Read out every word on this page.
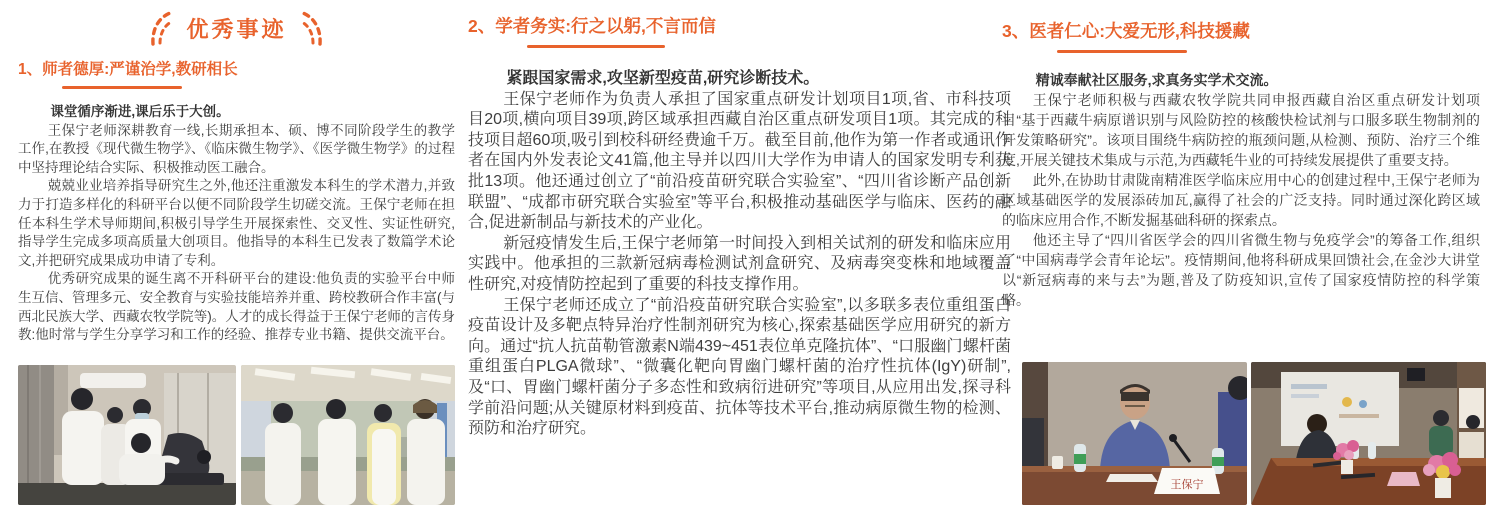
优秀事迹
1、师者德厚:严谨治学,教研相长

课堂循序渐进,课后乐于大创。

王保宁老师深耕教育一线,长期承担本、硕、博不同阶段学生的教学工作,在教授《现代微生物学》、《临床微生物学》、《医学微生物学》的过程中坚持理论结合实际、积极推动医工融合。

兢兢业业培养指导研究生之外,他还注重激发本科生的学术潜力,并致力于打造多样化的科研平台以便不同阶段学生切磋交流。王保宁老师在担任本科生学术导师期间,积极引导学生开展探索性、交叉性、实证性研究,指导学生完成多项高质量大创项目。他指导的本科生已发表了数篇学术论文,并把研究成果成功申请了专利。

优秀研究成果的诞生离不开科研平台的建设:他负责的实验平台中师生互信、管理多元、安全教育与实验技能培养并重、跨校教研合作丰富(与西北民族大学、西藏农牧学院等)。人才的成长得益于王保宁老师的言传身教:他时常与学生分享学习和工作的经验、推荐专业书籍、提供交流平台。

2、学者务实:行之以躬,不言而信

紧跟国家需求,攻坚新型疫苗,研究诊断技术。

王保宁老师作为负责人承担了国家重点研发计划项目1项,省、市科技项目20项,横向项目39项,跨区域承担西藏自治区重点研发项目1项。其完成的科技项目超60项,吸引到校科研经费逾千万。截至目前,他作为第一作者或通讯作者在国内外发表论文41篇,他主导并以四川大学作为申请人的国家发明专利获批13项。他还通过创立了“前沿疫苗研究联合实验室”、“四川省诊断产品创新联盟”、“成都市研究联合实验室”等平台,积极推动基础医学与临床、医药的融合,促进新制品与新技术的产业化。

新冠疫情发生后,王保宁老师第一时间投入到相关试剂的研发和临床应用实践中。他承担的三款新冠病毒检测试剂盒研究、及病毒突变株和地域覆盖性研究,对疫情防控起到了重要的科技支撑作用。

王保宁老师还成立了“前沿疫苗研究联合实验室”,以多联多表位重组蛋白疫苗设计及多靶点特异治疗性制剂研究为核心,探索基础医学应用研究的新方向。通过“抗人抗苗勒管激素N端439~451表位单克隆抗体”、“口服幽门螺杆菌重组蛋白PLGA微球”、“微囊化靶向胃幽门螺杆菌的治疗性抗体(IgY)研制”,及“口、胃幽门螺杆菌分子多态性和致病衍进研究”等项目,从应用出发,探寻科学前沿问题;从关键原材料到疫苗、抗体等技术平台,推动病原微生物的检测、预防和治疗研究。

3、医者仁心:大爱无形,科技援藏

精诚奉献社区服务,求真务实学术交流。

王保宁老师积极与西藏农牧学院共同申报西藏自治区重点研发计划项目“基于西藏牛病原谱识别与风险防控的核酸快检试剂与口服多联生物制剂的开发策略研究”。该项目围绕牛病防控的瓶颈问题,从检测、预防、治疗三个维度,开展关键技术集成与示范,为西藏牦牛业的可持续发展提供了重要支持。

此外,在协助甘肃陇南精准医学临床应用中心的创建过程中,王保宁老师为区域基础医学的发展添砖加瓦,赢得了社会的广泛支持。同时通过深化跨区域的临床应用合作,不断发掘基础科研的探索点。

他还主导了“四川省医学会的四川省微生物与免疫学会”的筹备工作,组织了“中国病毒学会青年论坛”。疫情期间,他将科研成果回馈社会,在金沙大讲堂以“新冠病毒的来与去”为题,普及了防疫知识,宣传了国家疫情防控的科学策略。

王保宁
